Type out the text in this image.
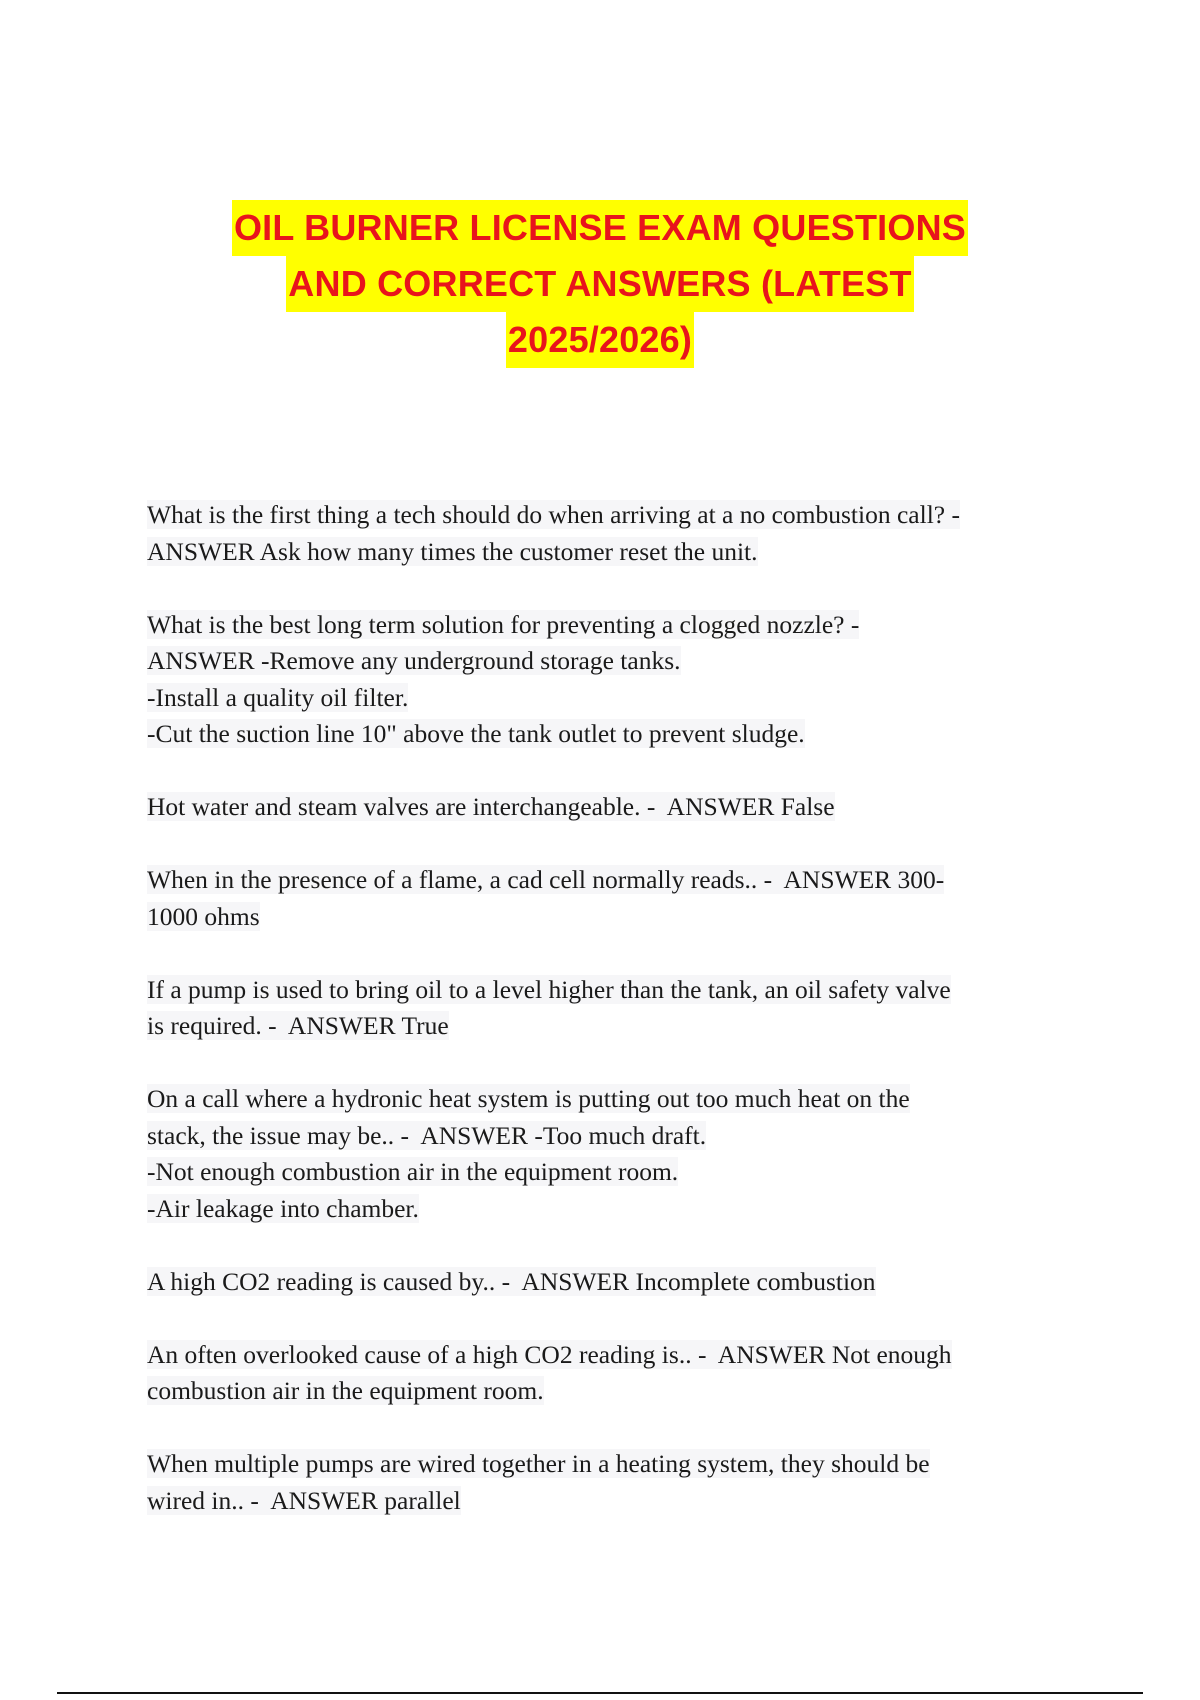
OIL BURNER LICENSE EXAM QUESTIONS
AND CORRECT ANSWERS (LATEST
2025/2026)
What is the first thing a tech should do when arriving at a no combustion call? -
ANSWER Ask how many times the customer reset the unit.
What is the best long term solution for preventing a clogged nozzle? -
ANSWER -Remove any underground storage tanks.
-Install a quality oil filter.
-Cut the suction line 10" above the tank outlet to prevent sludge.
Hot water and steam valves are interchangeable. -  ANSWER False
When in the presence of a flame, a cad cell normally reads.. -  ANSWER 300-
1000 ohms
If a pump is used to bring oil to a level higher than the tank, an oil safety valve
is required. -  ANSWER True
On a call where a hydronic heat system is putting out too much heat on the
stack, the issue may be.. -  ANSWER -Too much draft.
-Not enough combustion air in the equipment room.
-Air leakage into chamber.
A high CO2 reading is caused by.. -  ANSWER Incomplete combustion
An often overlooked cause of a high CO2 reading is.. -  ANSWER Not enough
combustion air in the equipment room.
When multiple pumps are wired together in a heating system, they should be
wired in.. -  ANSWER parallel
